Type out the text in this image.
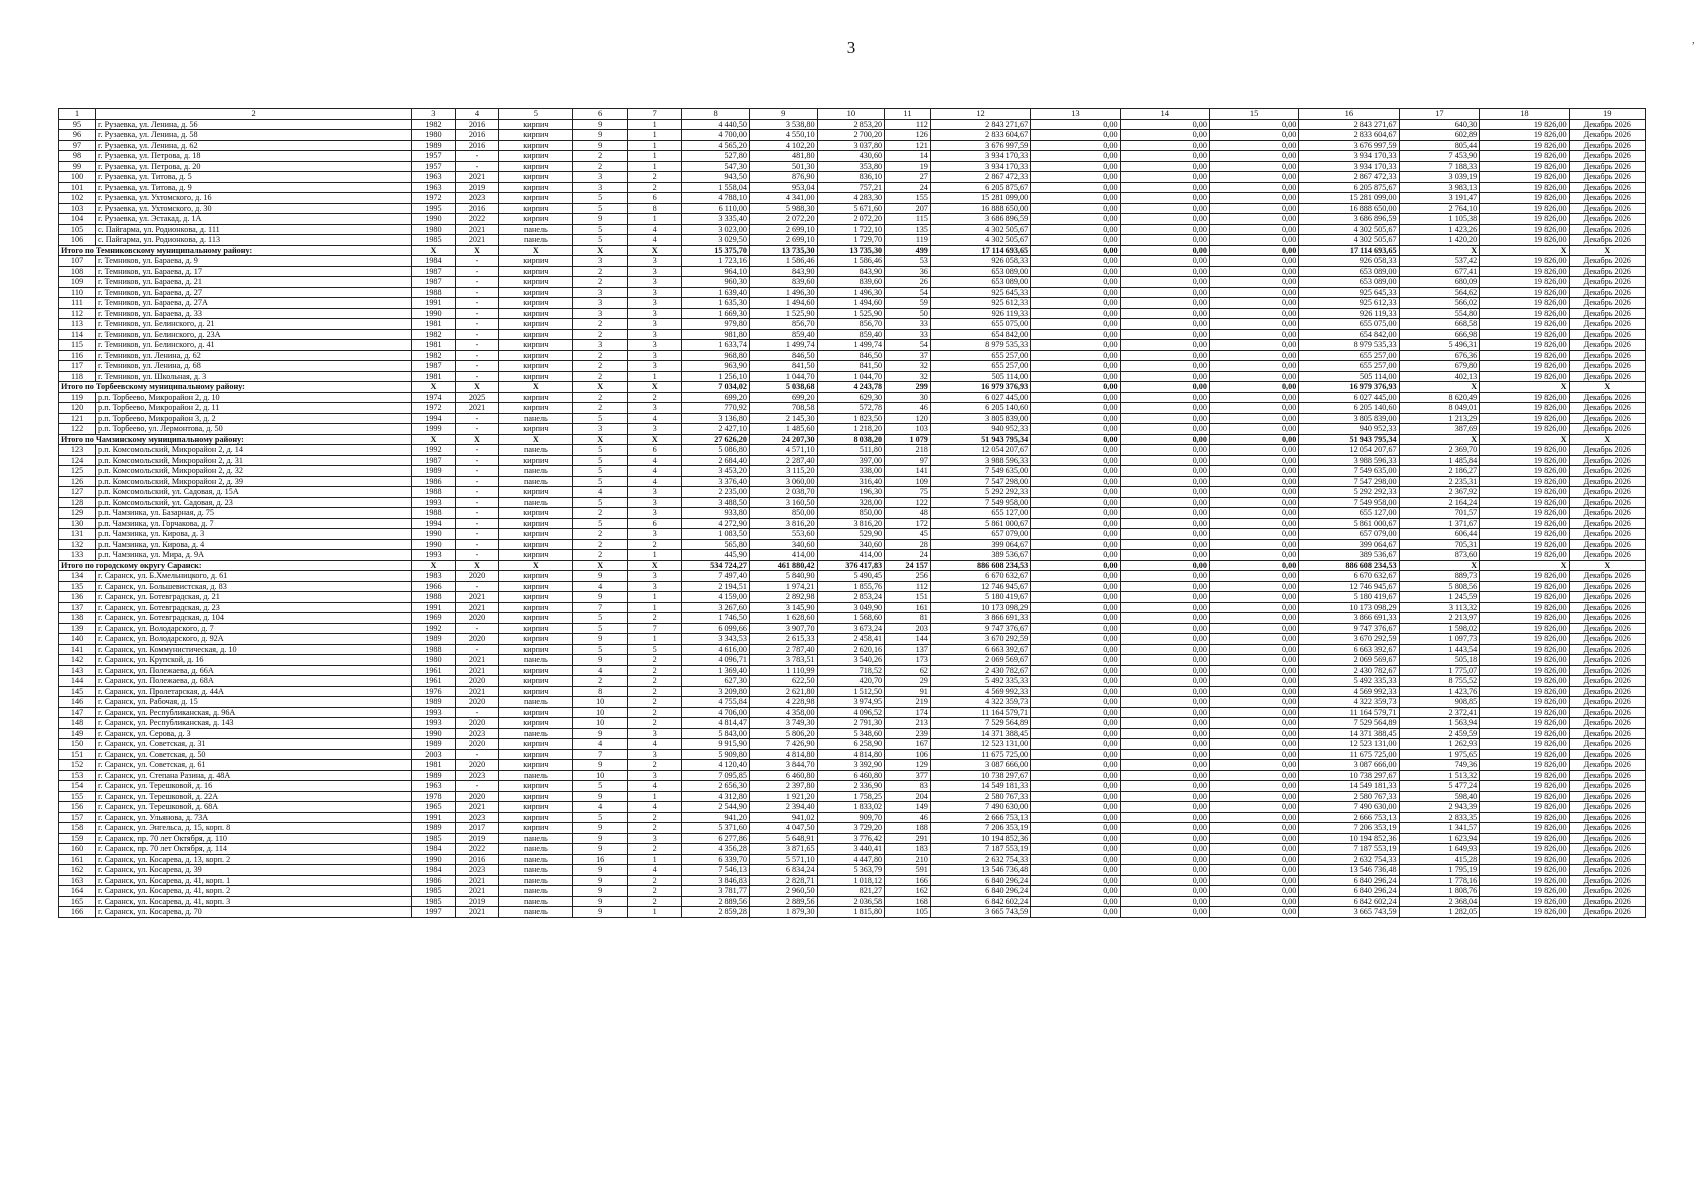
3	,
1	2	3	4	5	6	7	8	9	10	11	12	13	14	15	16	17	18	19
95	г. Рузаевка, ул. Ленина, д. 56	1982	2016	кирпич	9	1	4 440,50	3 538,80	2 853,20	112	2 843 271,67	0,00	0,00	0,00	2 843 271,67	640,30	19 826,00	Декабрь 2026
96	г. Рузаевка, ул. Ленина, д. 58	1980	2016	кирпич	9	1	4 700,00	4 550,10	2 700,20	126	2 833 604,67	0,00	0,00	0,00	2 833 604,67	602,89	19 826,00	Декабрь 2026
97	г. Рузаевка, ул. Ленина, д. 62	1989	2016	кирпич	9	1	4 565,20	4 102,20	3 037,80	121	3 676 997,59	0,00	0,00	0,00	3 676 997,59	805,44	19 826,00	Декабрь 2026
98	г. Рузаевка, ул. Петрова, д. 18	1957	-	кирпич	2	1	527,80	481,80	430,60	14	3 934 170,33	0,00	0,00	0,00	3 934 170,33	7 453,90	19 826,00	Декабрь 2026
99	г. Рузаевка, ул. Петрова, д. 20	1957	-	кирпич	2	1	547,30	501,30	353,80	19	3 934 170,33	0,00	0,00	0,00	3 934 170,33	7 188,33	19 826,00	Декабрь 2026
100	г. Рузаевка, ул. Титова, д. 5	1963	2021	кирпич	3	2	943,50	876,90	836,10	27	2 867 472,33	0,00	0,00	0,00	2 867 472,33	3 039,19	19 826,00	Декабрь 2026
101	г. Рузаевка, ул. Титова, д. 9	1963	2019	кирпич	3	2	1 558,04	953,04	757,21	24	6 205 875,67	0,00	0,00	0,00	6 205 875,67	3 983,13	19 826,00	Декабрь 2026
102	г. Рузаевка, ул. Ухтомского, д. 16	1972	2023	кирпич	5	6	4 788,10	4 341,00	4 283,30	155	15 281 099,00	0,00	0,00	0,00	15 281 099,00	3 191,47	19 826,00	Декабрь 2026
103	г. Рузаевка, ул. Ухтомского, д. 30	1995	2016	кирпич	5	8	6 110,00	5 988,30	5 671,60	207	16 888 650,00	0,00	0,00	0,00	16 888 650,00	2 764,10	19 826,00	Декабрь 2026
104	г. Рузаевка, ул. Эстакад, д. 1А	1990	2022	кирпич	9	1	3 335,40	2 072,20	2 072,20	115	3 686 896,59	0,00	0,00	0,00	3 686 896,59	1 105,38	19 826,00	Декабрь 2026
105	с. Пайгарма, ул. Родионкова, д. 111	1980	2021	панель	5	4	3 023,00	2 699,10	1 722,10	135	4 302 505,67	0,00	0,00	0,00	4 302 505,67	1 423,26	19 826,00	Декабрь 2026
106	с. Пайгарма, ул. Родионкова, д. 113	1985	2021	панель	5	4	3 029,50	2 699,10	1 729,70	119	4 302 505,67	0,00	0,00	0,00	4 302 505,67	1 420,20	19 826,00	Декабрь 2026
Итого по Темниковскому муниципальному району:		X	X	X	X	X	15 375,70	13 735,30	13 735,30	499	17 114 693,65	0,00	0,00	0,00	17 114 693,65	X	X	X
107	г. Темников, ул. Бараева, д. 9	1984	-	кирпич	3	3	1 723,16	1 586,46	1 586,46	53	926 058,33	0,00	0,00	0,00	926 058,33	537,42	19 826,00	Декабрь 2026
108	г. Темников, ул. Бараева, д. 17	1987	-	кирпич	2	3	964,10	843,90	843,90	36	653 089,00	0,00	0,00	0,00	653 089,00	677,41	19 826,00	Декабрь 2026
109	г. Темников, ул. Бараева, д. 21	1987	-	кирпич	2	3	960,30	839,60	839,60	26	653 089,00	0,00	0,00	0,00	653 089,00	680,09	19 826,00	Декабрь 2026
110	г. Темников, ул. Бараева, д. 27	1988	-	кирпич	3	3	1 639,40	1 496,30	1 496,30	54	925 645,33	0,00	0,00	0,00	925 645,33	564,62	19 826,00	Декабрь 2026
111	г. Темников, ул. Бараева, д. 27А	1991	-	кирпич	3	3	1 635,30	1 494,60	1 494,60	59	925 612,33	0,00	0,00	0,00	925 612,33	566,02	19 826,00	Декабрь 2026
112	г. Темников, ул. Бараева, д. 33	1990	-	кирпич	3	3	1 669,30	1 525,90	1 525,90	50	926 119,33	0,00	0,00	0,00	926 119,33	554,80	19 826,00	Декабрь 2026
113	г. Темников, ул. Белинского, д. 21	1981	-	кирпич	2	3	979,80	856,70	856,70	33	655 075,00	0,00	0,00	0,00	655 075,00	668,58	19 826,00	Декабрь 2026
114	г. Темников, ул. Белинского, д. 23А	1982	-	кирпич	2	3	981,80	859,40	859,40	33	654 842,00	0,00	0,00	0,00	654 842,00	666,98	19 826,00	Декабрь 2026
115	г. Темников, ул. Белинского, д. 41	1981	-	кирпич	3	3	1 633,74	1 499,74	1 499,74	54	8 979 535,33	0,00	0,00	0,00	8 979 535,33	5 496,31	19 826,00	Декабрь 2026
116	г. Темников, ул. Ленина, д. 62	1982	-	кирпич	2	3	968,80	846,50	846,50	37	655 257,00	0,00	0,00	0,00	655 257,00	676,36	19 826,00	Декабрь 2026
117	г. Темников, ул. Ленина, д. 68	1987	-	кирпич	2	3	963,90	841,50	841,50	32	655 257,00	0,00	0,00	0,00	655 257,00	679,80	19 826,00	Декабрь 2026
118	г. Темников, ул. Школьная, д. 3	1981	-	кирпич	2	1	1 256,10	1 044,70	1 044,70	32	505 114,00	0,00	0,00	0,00	505 114,00	402,13	19 826,00	Декабрь 2026
Итого по Торбеевскому муниципальному району:		X	X	X	X	X	7 034,02	5 038,68	4 243,78	299	16 979 376,93	0,00	0,00	0,00	16 979 376,93	X	X	X
119	р.п. Торбеево, Микрорайон 2, д. 10	1974	2025	кирпич	2	2	699,20	699,20	629,30	30	6 027 445,00	0,00	0,00	0,00	6 027 445,00	8 620,49	19 826,00	Декабрь 2026
120	р.п. Торбеево, Микрорайон 2, д. 11	1972	2021	кирпич	2	3	770,92	708,58	572,78	46	6 205 140,60	0,00	0,00	0,00	6 205 140,60	8 049,01	19 826,00	Декабрь 2026
121	р.п. Торбеево, Микрорайон 3, д. 2	1994	-	панель	5	4	3 136,80	2 145,30	1 823,50	120	3 805 839,00	0,00	0,00	0,00	3 805 839,00	1 213,29	19 826,00	Декабрь 2026
122	р.п. Торбеево, ул. Лермонтова, д. 50	1999	-	кирпич	3	3	2 427,10	1 485,60	1 218,20	103	940 952,33	0,00	0,00	0,00	940 952,33	387,69	19 826,00	Декабрь 2026
Итого по Чамзинскому муниципальному району:		X	X	X	X	X	27 626,20	24 207,30	8 038,20	1 079	51 943 795,34	0,00	0,00	0,00	51 943 795,34	X	X	X
123	р.п. Комсомольский, Микрорайон 2, д. 14	1992	-	панель	5	6	5 086,80	4 571,10	511,80	218	12 054 207,67	0,00	0,00	0,00	12 054 207,67	2 369,70	19 826,00	Декабрь 2026
124	р.п. Комсомольский, Микрорайон 2, д. 31	1987	-	кирпич	5	4	2 684,40	2 287,40	397,00	97	3 988 596,33	0,00	0,00	0,00	3 988 596,33	1 485,84	19 826,00	Декабрь 2026
125	р.п. Комсомольский, Микрорайон 2, д. 32	1989	-	панель	5	4	3 453,20	3 115,20	338,00	141	7 549 635,00	0,00	0,00	0,00	7 549 635,00	2 186,27	19 826,00	Декабрь 2026
126	р.п. Комсомольский, Микрорайон 2, д. 39	1986	-	панель	5	4	3 376,40	3 060,00	316,40	109	7 547 298,00	0,00	0,00	0,00	7 547 298,00	2 235,31	19 826,00	Декабрь 2026
127	р.п. Комсомольский, ул. Садовая, д. 15А	1988	-	кирпич	4	3	2 235,00	2 038,70	196,30	75	5 292 292,33	0,00	0,00	0,00	5 292 292,33	2 367,92	19 826,00	Декабрь 2026
128	р.п. Комсомольский, ул. Садовая, д. 23	1993	-	панель	5	3	3 488,50	3 160,50	328,00	122	7 549 958,00	0,00	0,00	0,00	7 549 958,00	2 164,24	19 826,00	Декабрь 2026
129	р.п. Чамзинка, ул. Базарная, д. 75	1988	-	кирпич	2	3	933,80	850,00	850,00	48	655 127,00	0,00	0,00	0,00	655 127,00	701,57	19 826,00	Декабрь 2026
130	р.п. Чамзинка, ул. Горчакова, д. 7	1994	-	кирпич	5	6	4 272,90	3 816,20	3 816,20	172	5 861 000,67	0,00	0,00	0,00	5 861 000,67	1 371,67	19 826,00	Декабрь 2026
131	р.п. Чамзинка, ул. Кирова, д. 3	1990	-	кирпич	2	3	1 083,50	553,60	529,90	45	657 079,00	0,00	0,00	0,00	657 079,00	606,44	19 826,00	Декабрь 2026
132	р.п. Чамзинка, ул. Кирова, д. 4	1990	-	кирпич	2	2	565,80	340,60	340,60	28	399 064,67	0,00	0,00	0,00	399 064,67	705,31	19 826,00	Декабрь 2026
133	р.п. Чамзинка, ул. Мира, д. 9А	1993	-	кирпич	2	1	445,90	414,00	414,00	24	389 536,67	0,00	0,00	0,00	389 536,67	873,60	19 826,00	Декабрь 2026
Итого по городскому округу Саранск:		X	X	X	X	X	534 724,27	461 880,42	376 417,83	24 157	886 608 234,53	0,00	0,00	0,00	886 608 234,53	X	X	X
134	г. Саранск, ул. Б.Хмельницкого, д. 61	1983	2020	кирпич	9	3	7 497,40	5 840,90	5 490,45	256	6 670 632,67	0,00	0,00	0,00	6 670 632,67	889,73	19 826,00	Декабрь 2026
135	г. Саранск, ул. Большевистская, д. 83	1966	-	кирпич	4	3	2 194,51	1 974,21	1 855,76	112	12 746 945,67	0,00	0,00	0,00	12 746 945,67	5 808,56	19 826,00	Декабрь 2026
136	г. Саранск, ул. Ботевградская, д. 21	1988	2021	кирпич	9	1	4 159,00	2 892,98	2 853,24	151	5 180 419,67	0,00	0,00	0,00	5 180 419,67	1 245,59	19 826,00	Декабрь 2026
137	г. Саранск, ул. Ботевградская, д. 23	1991	2021	кирпич	7	1	3 267,60	3 145,90	3 049,90	161	10 173 098,29	0,00	0,00	0,00	10 173 098,29	3 113,32	19 826,00	Декабрь 2026
138	г. Саранск, ул. Ботевградская, д. 104	1969	2020	кирпич	5	2	1 746,50	1 628,60	1 568,60	81	3 866 691,33	0,00	0,00	0,00	3 866 691,33	2 213,97	19 826,00	Декабрь 2026
139	г. Саранск, ул. Володарского, д. 7	1992	-	кирпич	5	7	6 099,66	3 907,70	3 673,24	203	9 747 376,67	0,00	0,00	0,00	9 747 376,67	1 598,02	19 826,00	Декабрь 2026
140	г. Саранск, ул. Володарского, д. 92А	1989	2020	кирпич	9	1	3 343,53	2 615,33	2 458,41	144	3 670 292,59	0,00	0,00	0,00	3 670 292,59	1 097,73	19 826,00	Декабрь 2026
141	г. Саранск, ул. Коммунистическая, д. 10	1988	-	кирпич	5	5	4 616,00	2 787,40	2 620,16	137	6 663 392,67	0,00	0,00	0,00	6 663 392,67	1 443,54	19 826,00	Декабрь 2026
142	г. Саранск, ул. Крупской, д. 16	1980	2021	панель	9	2	4 096,71	3 783,51	3 540,26	173	2 069 569,67	0,00	0,00	0,00	2 069 569,67	505,18	19 826,00	Декабрь 2026
143	г. Саранск, ул. Полежаева, д. 66А	1961	2021	кирпич	4	2	1 369,40	1 110,99	718,52	62	2 430 782,67	0,00	0,00	0,00	2 430 782,67	1 775,07	19 826,00	Декабрь 2026
144	г. Саранск, ул. Полежаева, д. 68А	1961	2020	кирпич	2	2	627,30	622,50	420,70	29	5 492 335,33	0,00	0,00	0,00	5 492 335,33	8 755,52	19 826,00	Декабрь 2026
145	г. Саранск, ул. Пролетарская, д. 44А	1976	2021	кирпич	8	2	3 209,80	2 621,80	1 512,50	91	4 569 992,33	0,00	0,00	0,00	4 569 992,33	1 423,76	19 826,00	Декабрь 2026
146	г. Саранск, ул. Рабочая, д. 15	1989	2020	панель	10	2	4 755,84	4 228,98	3 974,95	219	4 322 359,73	0,00	0,00	0,00	4 322 359,73	908,85	19 826,00	Декабрь 2026
147	г. Саранск, ул. Республиканская, д. 96А	1993	-	кирпич	10	2	4 706,00	4 358,00	4 096,52	174	11 164 579,71	0,00	0,00	0,00	11 164 579,71	2 372,41	19 826,00	Декабрь 2026
148	г. Саранск, ул. Республиканская, д. 143	1993	2020	кирпич	10	2	4 814,47	3 749,30	2 791,30	213	7 529 564,89	0,00	0,00	0,00	7 529 564,89	1 563,94	19 826,00	Декабрь 2026
149	г. Саранск, ул. Серова, д. 3	1990	2023	панель	9	3	5 843,00	5 806,20	5 348,60	239	14 371 388,45	0,00	0,00	0,00	14 371 388,45	2 459,59	19 826,00	Декабрь 2026
150	г. Саранск, ул. Советская, д. 31	1989	2020	кирпич	4	4	9 915,90	7 426,90	6 258,90	167	12 523 131,00	0,00	0,00	0,00	12 523 131,00	1 262,93	19 826,00	Декабрь 2026
151	г. Саранск, ул. Советская, д. 50	2003	-	кирпич	7	3	5 909,80	4 814,80	4 814,80	106	11 675 725,00	0,00	0,00	0,00	11 675 725,00	1 975,65	19 826,00	Декабрь 2026
152	г. Саранск, ул. Советская, д. 61	1981	2020	кирпич	9	2	4 120,40	3 844,70	3 392,90	129	3 087 666,00	0,00	0,00	0,00	3 087 666,00	749,36	19 826,00	Декабрь 2026
153	г. Саранск, ул. Степана Разина, д. 48А	1989	2023	панель	10	3	7 095,85	6 460,80	6 460,80	377	10 738 297,67	0,00	0,00	0,00	10 738 297,67	1 513,32	19 826,00	Декабрь 2026
154	г. Саранск, ул. Терешковой, д. 16	1963	-	кирпич	5	4	2 656,30	2 397,80	2 336,90	83	14 549 181,33	0,00	0,00	0,00	14 549 181,33	5 477,24	19 826,00	Декабрь 2026
155	г. Саранск, ул. Терешковой, д. 22А	1978	2020	кирпич	9	1	4 312,80	1 921,20	1 758,25	204	2 580 767,33	0,00	0,00	0,00	2 580 767,33	598,40	19 826,00	Декабрь 2026
156	г. Саранск, ул. Терешковой, д. 68А	1965	2021	кирпич	4	4	2 544,90	2 394,40	1 833,02	149	7 490 630,00	0,00	0,00	0,00	7 490 630,00	2 943,39	19 826,00	Декабрь 2026
157	г. Саранск, ул. Ульянова, д. 73А	1991	2023	кирпич	5	2	941,20	941,02	909,70	46	2 666 753,13	0,00	0,00	0,00	2 666 753,13	2 833,35	19 826,00	Декабрь 2026
158	г. Саранск, ул. Энгельса, д. 15, корп. 8	1989	2017	кирпич	9	2	5 371,60	4 047,50	3 729,20	188	7 206 353,19	0,00	0,00	0,00	7 206 353,19	1 341,57	19 826,00	Декабрь 2026
159	г. Саранск, пр. 70 лет Октября, д. 110	1985	2019	панель	9	3	6 277,86	5 648,91	3 776,42	291	10 194 852,36	0,00	0,00	0,00	10 194 852,36	1 623,94	19 826,00	Декабрь 2026
160	г. Саранск, пр. 70 лет Октября, д. 114	1984	2022	панель	9	2	4 356,28	3 871,65	3 440,41	183	7 187 553,19	0,00	0,00	0,00	7 187 553,19	1 649,93	19 826,00	Декабрь 2026
161	г. Саранск, ул. Косарева, д. 13, корп. 2	1990	2016	панель	16	1	6 339,70	5 571,10	4 447,80	210	2 632 754,33	0,00	0,00	0,00	2 632 754,33	415,28	19 826,00	Декабрь 2026
162	г. Саранск, ул. Косарева, д. 39	1984	2023	панель	9	4	7 546,13	6 834,24	5 363,79	591	13 546 736,48	0,00	0,00	0,00	13 546 736,48	1 795,19	19 826,00	Декабрь 2026
163	г. Саранск, ул. Косарева, д. 41, корп. 1	1986	2021	панель	9	2	3 846,83	2 828,71	1 018,12	166	6 840 296,24	0,00	0,00	0,00	6 840 296,24	1 778,16	19 826,00	Декабрь 2026
164	г. Саранск, ул. Косарева, д. 41, корп. 2	1985	2021	панель	9	2	3 781,77	2 960,50	821,27	162	6 840 296,24	0,00	0,00	0,00	6 840 296,24	1 808,76	19 826,00	Декабрь 2026
165	г. Саранск, ул. Косарева, д. 41, корп. 3	1985	2019	панель	9	2	2 889,56	2 889,56	2 036,58	168	6 842 602,24	0,00	0,00	0,00	6 842 602,24	2 368,04	19 826,00	Декабрь 2026
166	г. Саранск, ул. Косарева, д. 70	1997	2021	панель	9	1	2 859,28	1 879,30	1 815,80	105	3 665 743,59	0,00	0,00	0,00	3 665 743,59	1 282,05	19 826,00	Декабрь 2026
